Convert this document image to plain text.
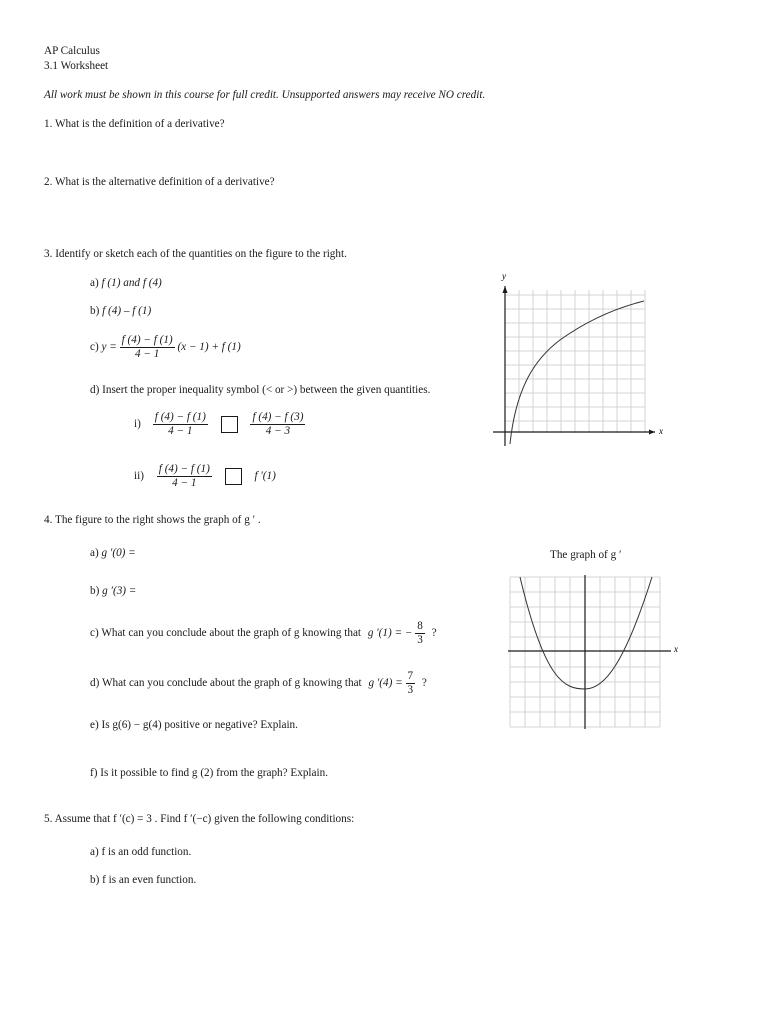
AP Calculus
3.1 Worksheet
All work must be shown in this course for full credit. Unsupported answers may receive NO credit.
1. What is the definition of a derivative?
2. What is the alternative definition of a derivative?
3. Identify or sketch each of the quantities on the figure to the right.
a) f (1) and f (4)
b) f (4) – f (1)
c) $y = \frac{f (4) - f (1)}{4 - 1} (x - 1) + f$ (1)
d) Insert the proper inequality symbol (< or >) between the given quantities.
$i) \frac{f (4) - f (1)}{4 - 1}$
	$\frac{f (4) - f (3)}{4 - 3}$
$ii) \frac{f (4) - f (1)}{4 - 1}$	f ′(1)
y
x
4. The figure to the right shows the graph of g ′ .
a) g ′(0) =
b) g ′(3) =
c) What can you conclude about the graph of g knowing that g ′(1) = − $\frac{8}{3}$ ?
d) What can you conclude about the graph of g knowing that g $'(4) = \frac{7}{3}$ ?
e) Is g(6) − g(4) positive or negative? Explain.
f) Is it possible to find g (2) from the graph? Explain.
The graph of g ′
x
5. Assume that f ′(c) = 3 . Find f ′(−c) given the following conditions:
a) f is an odd function.
b) f is an even function.
